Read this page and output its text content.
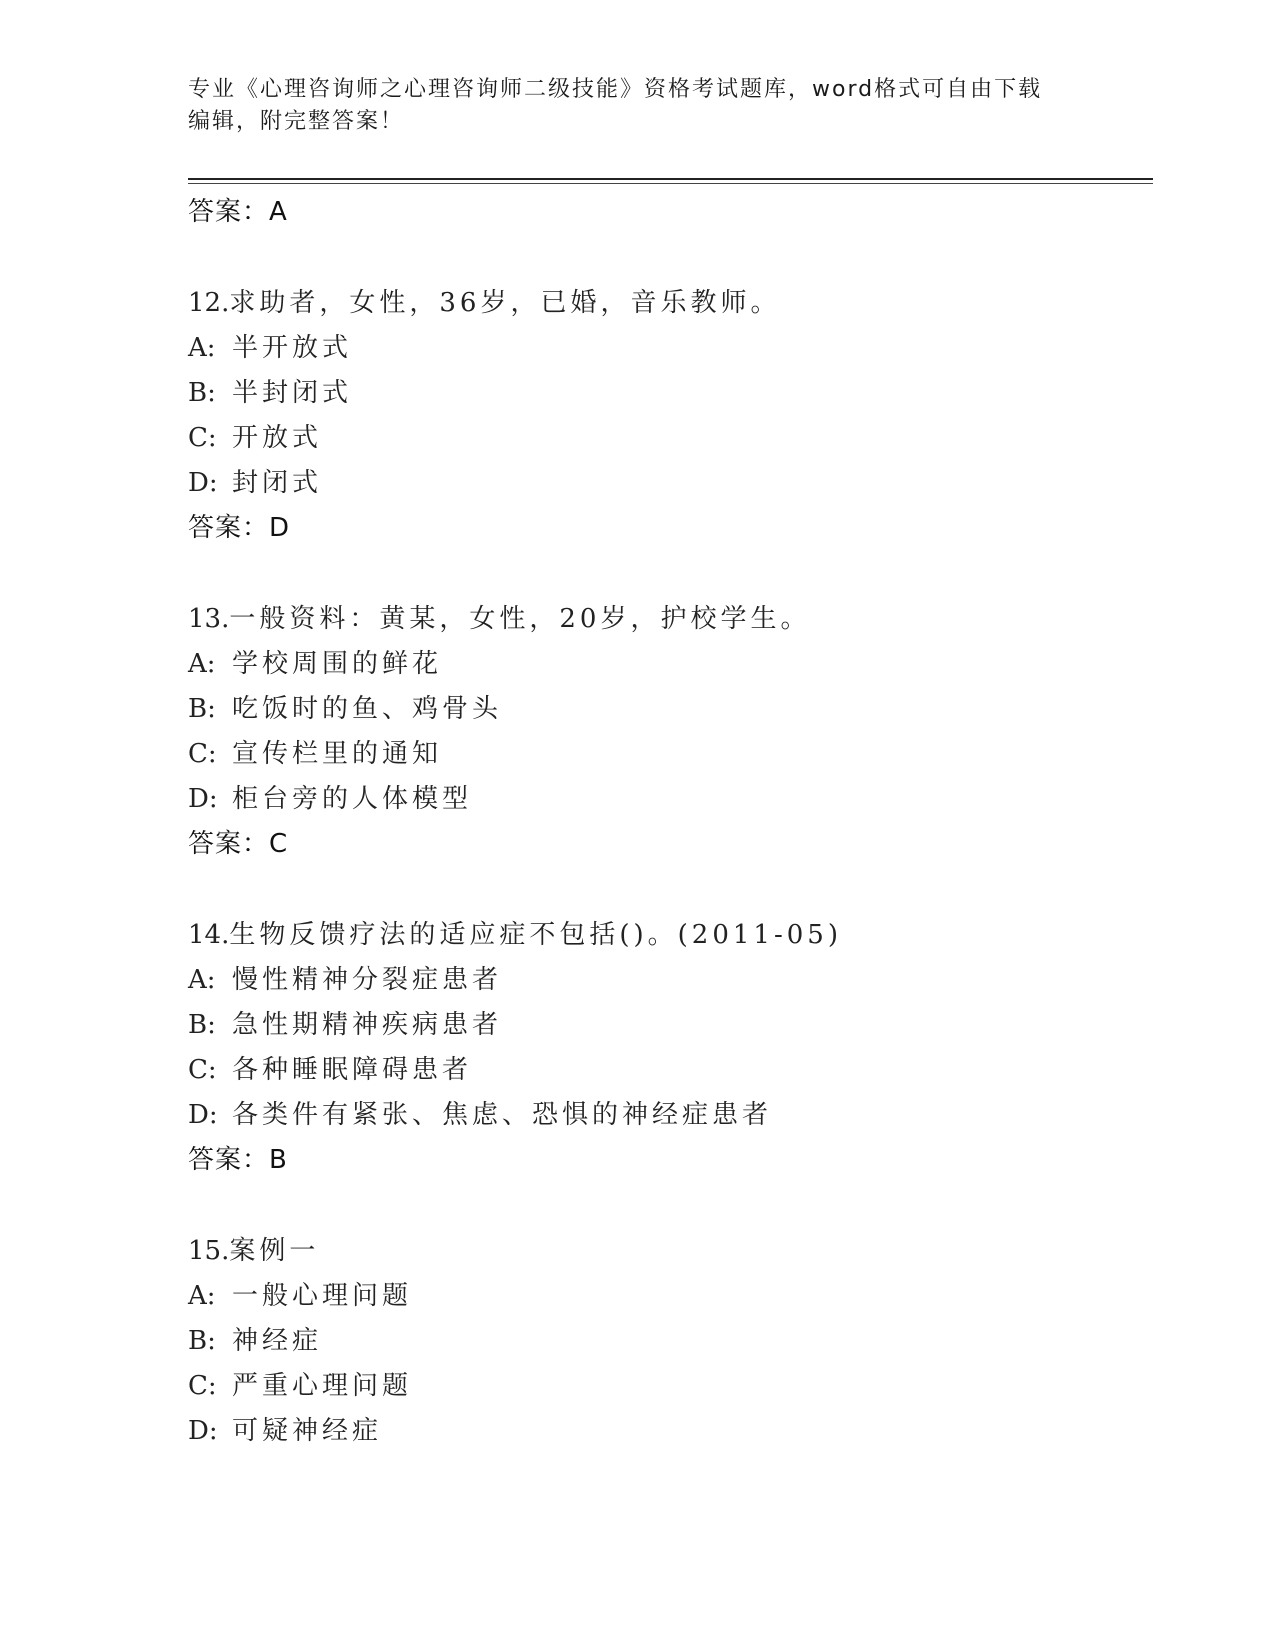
专业《心理咨询师之心理咨询师二级技能》资格考试题库，word格式可自由下载
编辑，附完整答案！
答案：A
12.求助者，女性，36岁，已婚，音乐教师。
A: 半开放式
B: 半封闭式
C: 开放式
D: 封闭式
答案：D
13.一般资料：黄某，女性，20岁，护校学生。
A: 学校周围的鲜花
B: 吃饭时的鱼、鸡骨头
C: 宣传栏里的通知
D: 柜台旁的人体模型
答案：C
14.生物反馈疗法的适应症不包括()。(2011-05)
A: 慢性精神分裂症患者
B: 急性期精神疾病患者
C: 各种睡眠障碍患者
D: 各类件有紧张、焦虑、恐惧的神经症患者
答案：B
15.案例一
A: 一般心理问题
B: 神经症
C: 严重心理问题
D: 可疑神经症
